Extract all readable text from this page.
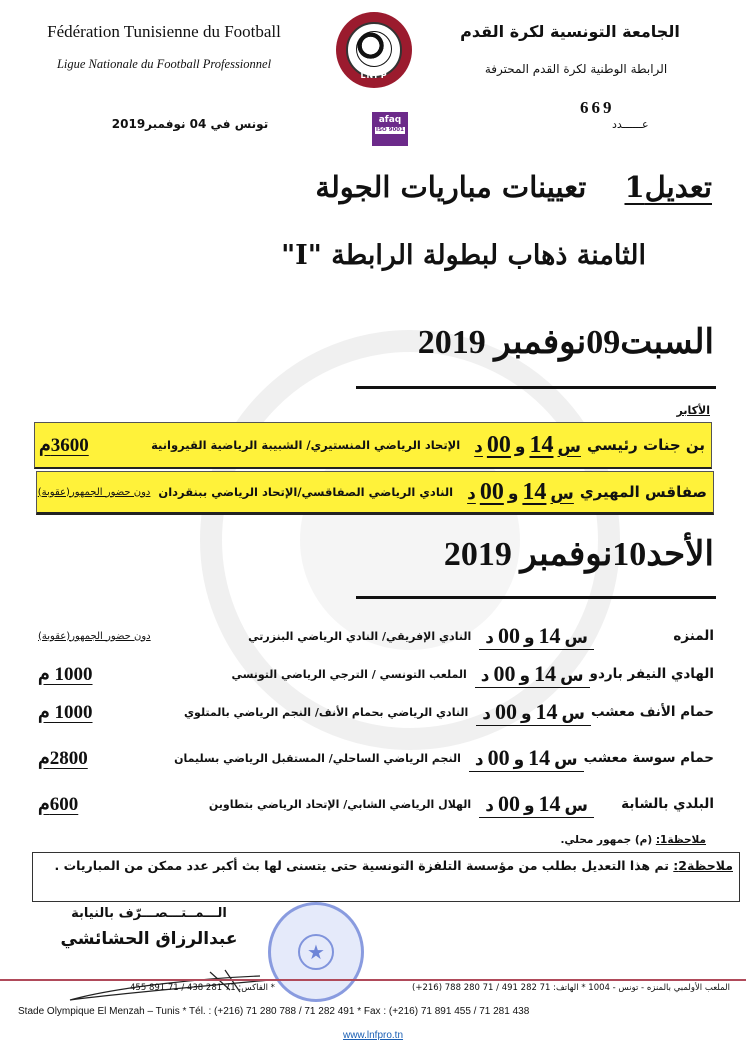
Fédération Tunisienne du Football
Ligue Nationale du Football Professionnel
تونس في 04 نوفمبر2019
LNFP
afaq
ISO 9001
الجامعة التونسية لكرة القدم
الرابطة الوطنية لكرة القدم المحترفة
669
عــــــدد
تعديل1 تعيينات مباريات الجولة
الثامنة ذهاب لبطولة الرابطة "I"
السبت09نوفمبر 2019
الأكابر
بن جنات رئيسي
س
14
و
00
د
الإتحاد الرياضي المنستيري/ الشبيبة الرياضية القيروانية
3600م
صفاقس المهيري
س
14
و
00
د
النادي الرياضي الصفاقسي/الإتحاد الرياضي ببنقردان
دون حضور الجمهور(عقوبة)
الأحد10نوفمبر 2019
المنزه
س
14
و
00
د
النادي الإفريقي/ النادي الرياضي البنزرتي
دون حضور الجمهور(عقوبة)
الهادي النيفر باردو
س
14
و
00
د
الملعب التونسي / الترجي الرياضي التونسي
1000 م
حمام الأنف معشب
س
14
و
00
د
النادي الرياضي بحمام الأنف/ النجم الرياضي بالمتلوي
1000 م
حمام سوسة معشب
س
14
و
00
د
النجم الرياضي الساحلي/ المستقبل الرياضي بسليمان
2800م
البلدي بالشابة
س
14
و
00
د
الهلال الرياضي الشابي/ الإتحاد الرياضي بتطاوين
600م
ملاحظة1: (م) جمهور محلي.
ملاحظة2: تم هذا التعديل بطلب من مؤسسة التلفزة التونسية حتى يتسنى لها بث أكبر عدد ممكن من المباريات .
الـــمــتـــصـــرّف بالنيابة
عبدالرزاق الحشائشي
★
الملعب الأولمبي بالمنزه - تونس - 1004 * الهاتف: 71 282 491 / 71 280 788 (216+)
* الفاكس: 71 281 438 / 71 891 455
Stade Olympique El Menzah – Tunis * Tél. : (+216) 71 280 788 / 71 282 491 * Fax : (+216) 71 891 455 / 71 281 438
www.lnfpro.tn
